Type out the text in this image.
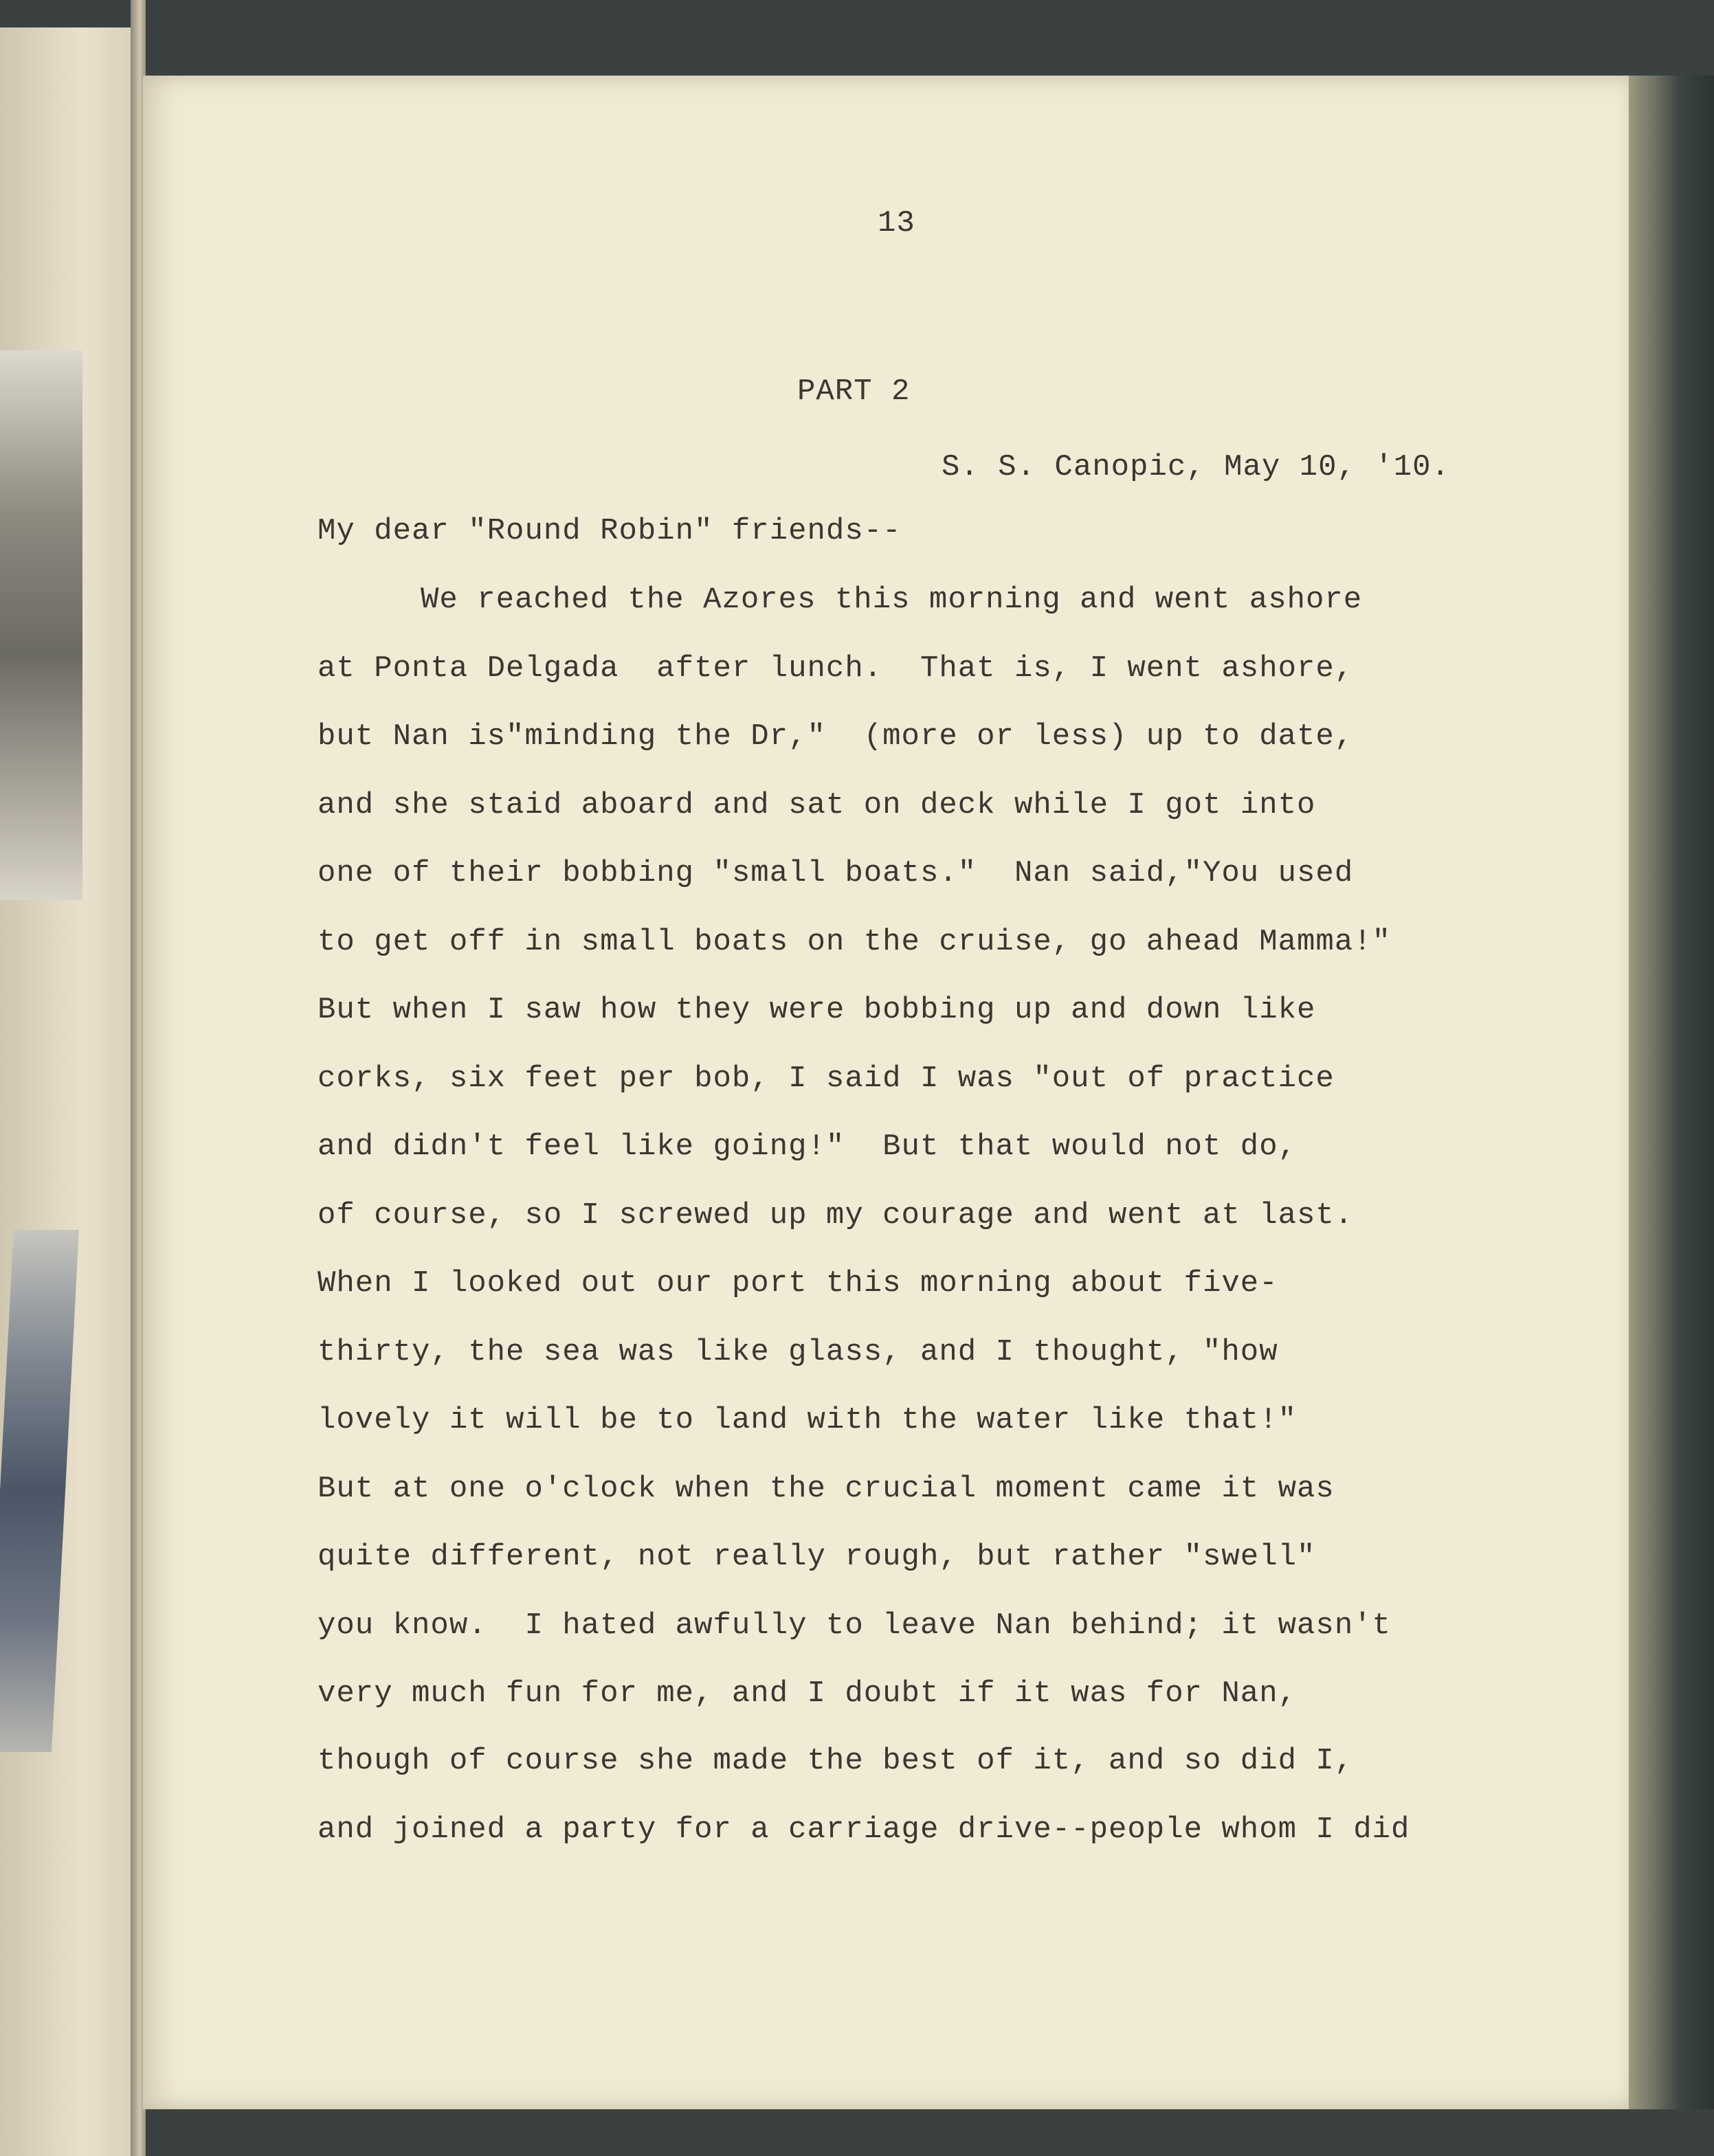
13
PART 2
S. S. Canopic, May 10, '10.
My dear "Round Robin" friends--
We reached the Azores this morning and went ashore
at Ponta Delgada  after lunch.  That is, I went ashore,
but Nan is"minding the Dr,"  (more or less) up to date,
and she staid aboard and sat on deck while I got into
one of their bobbing "small boats."  Nan said,"You used
to get off in small boats on the cruise, go ahead Mamma!"
But when I saw how they were bobbing up and down like
corks, six feet per bob, I said I was "out of practice
and didn't feel like going!"  But that would not do,
of course, so I screwed up my courage and went at last.
When I looked out our port this morning about five-
thirty, the sea was like glass, and I thought, "how
lovely it will be to land with the water like that!"
But at one o'clock when the crucial moment came it was
quite different, not really rough, but rather "swell"
you know.  I hated awfully to leave Nan behind; it wasn't
very much fun for me, and I doubt if it was for Nan,
though of course she made the best of it, and so did I,
and joined a party for a carriage drive--people whom I did
